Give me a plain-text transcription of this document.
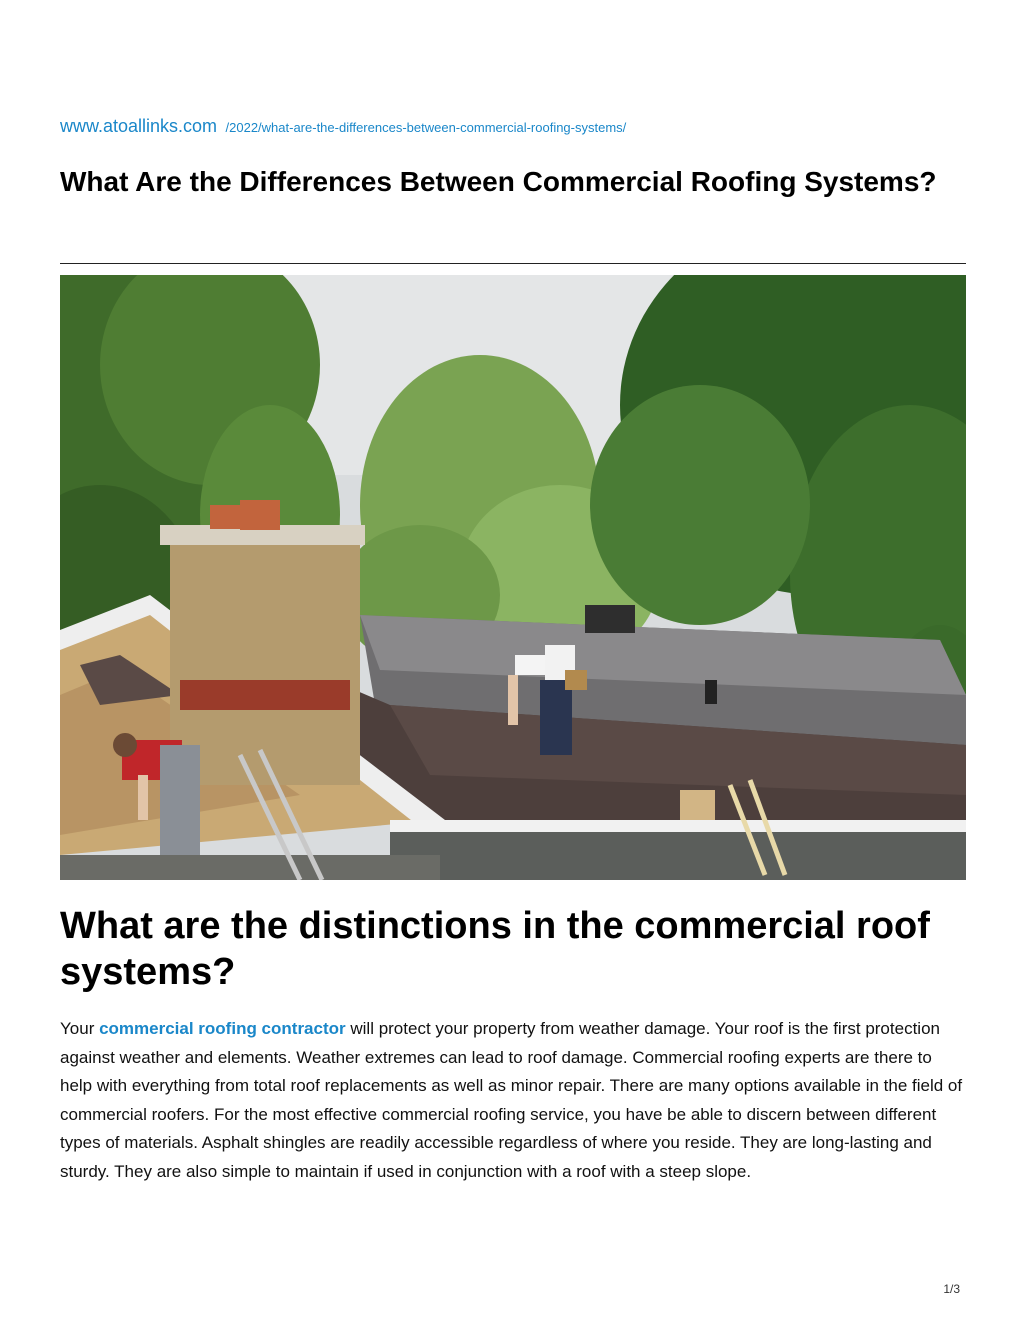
www.atoallinks.com /2022/what-are-the-differences-between-commercial-roofing-systems/
What Are the Differences Between Commercial Roofing Systems?
What are the distinctions in the commercial roof systems?

Your commercial roofing contractor will protect your property from weather damage. Your roof is the first protection against weather and elements. Weather extremes can lead to roof damage. Commercial roofing experts are there to help with everything from total roof replacements as well as minor repair. There are many options available in the field of commercial roofers. For the most effective commercial roofing service, you have be able to discern between different types of materials. Asphalt shingles are readily accessible regardless of where you reside. They are long-lasting and sturdy. They are also simple to maintain if used in conjunction with a roof with a steep slope.

1/3
